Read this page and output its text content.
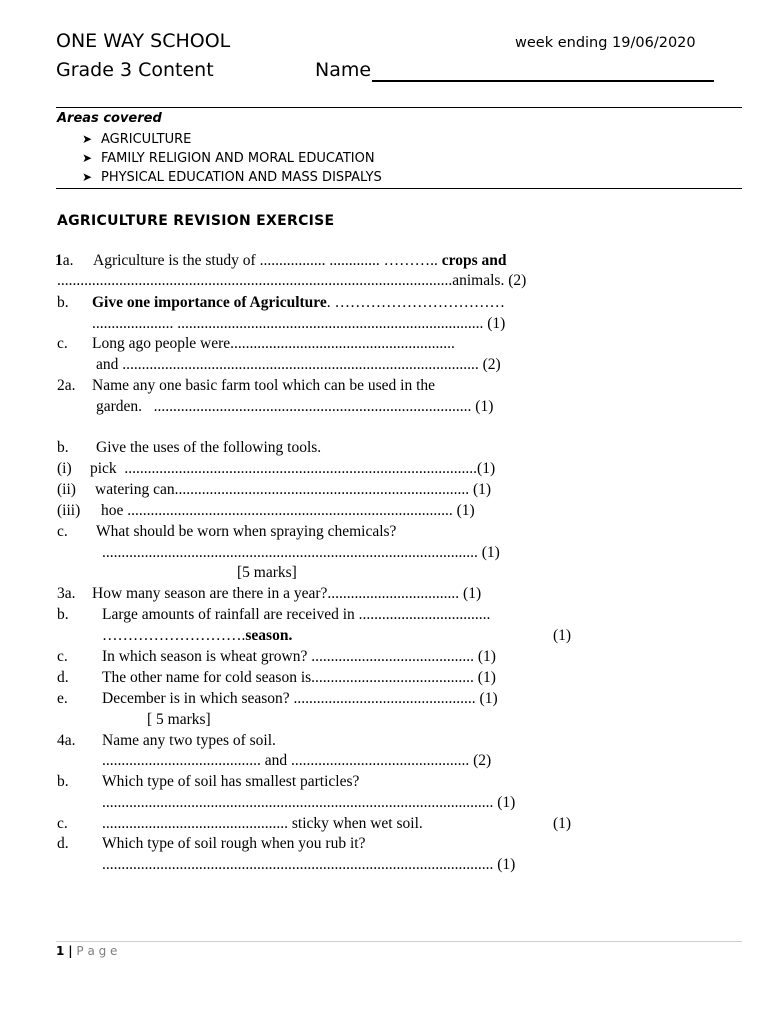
ONE WAY SCHOOL	week ending 19/06/2020
Grade 3 Content	Name
Areas covered
➤ AGRICULTURE
➤ FAMILY RELIGION AND MORAL EDUCATION
➤ PHYSICAL EDUCATION AND MASS DISPALYS
AGRICULTURE REVISION EXERCISE
1a. Agriculture is the study of ................. ............. ……….. crops and
......................................................................................................animals. (2)
b. Give one importance of Agriculture. ……………………………
..................... ............................................................................... (1)
c. Long ago people were..........................................................
and ............................................................................................ (2)
2a. Name any one basic farm tool which can be used in the
garden.   .................................................................................. (1)
b. Give the uses of the following tools.
(i) pick  ...........................................................................................(1)
(ii) watering can............................................................................ (1)
(iii) hoe .................................................................................... (1)
c. What should be worn when spraying chemicals?
................................................................................................. (1)
[5 marks]
3a. How many season are there in a year?.................................. (1)
b. Large amounts of rainfall are received in ..................................
……………………….season.	(1)
c. In which season is wheat grown? .......................................... (1)
d. The other name for cold season is.......................................... (1)
e. December is in which season? ............................................... (1)
[ 5 marks]
4a. Name any two types of soil.
......................................... and .............................................. (2)
b. Which type of soil has smallest particles?
..................................................................................................... (1)
c. ................................................ sticky when wet soil.	(1)
d. Which type of soil rough when you rub it?
..................................................................................................... (1)
1 | P a g e
